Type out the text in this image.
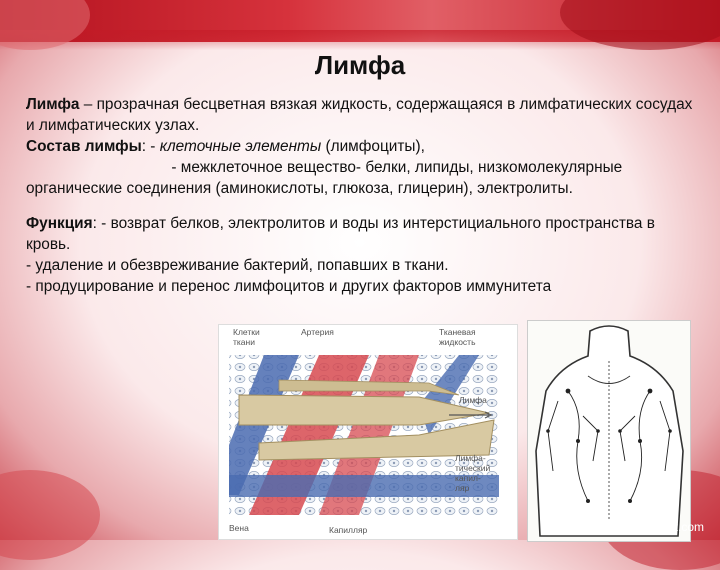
Лимфа

Лимфа – прозрачная бесцветная вязкая жидкость, содержащаяся в лимфатических сосудах и лимфатических узлах.

Состав лимфы: - клеточные элементы (лимфоциты),

- межклеточное вещество- белки, липиды, низкомолекулярные органические соединения (аминокислоты, глюкоза, глицерин), электролиты.

Функция: - возврат белков, электролитов и воды из интерстициального пространства в кровь.

- удаление и обезвреживание бактерий, попавших в ткани.

- продуцирование и перенос лимфоцитов и других факторов иммунитета

Клетки
ткани
Артерия	Тканевая
жидкость
Лимфа
Лимфа-
тический
капил-
ляр
Вена	Капилляр	fppt.com
